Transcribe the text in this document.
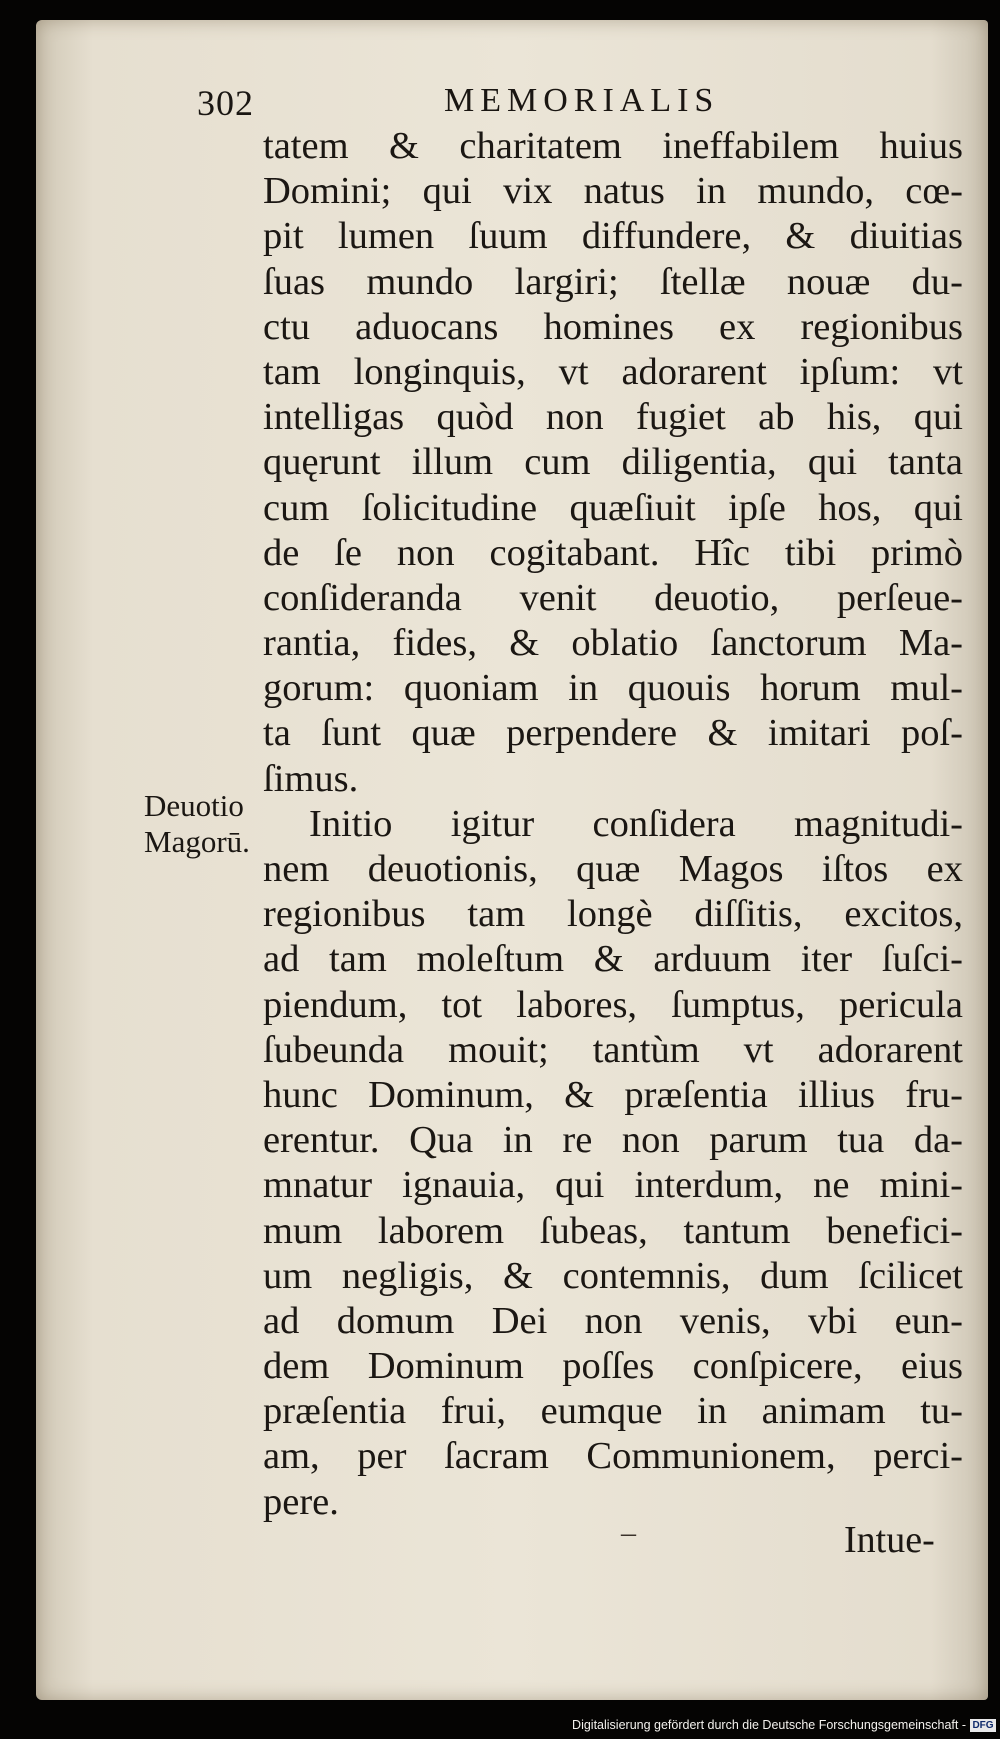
302	MEMORIALIS
Deuotio
Magorū.
tatem & charitatem ineffabilem huius
Domini; qui vix natus in mundo, cœ-
pit lumen ſuum diffundere, & diuitias
ſuas mundo largiri; ſtellæ nouæ du-
ctu aduocans homines ex regionibus
tam longinquis, vt adorarent ipſum: vt
intelligas quòd non fugiet ab his, qui
quęrunt illum cum diligentia, qui tanta
cum ſolicitudine quæſiuit ipſe hos, qui
de ſe non cogitabant. Hîc tibi primò
conſideranda venit deuotio, perſeue-
rantia, fides, & oblatio ſanctorum Ma-
gorum: quoniam in quouis horum mul-
ta ſunt quæ perpendere & imitari poſ-
ſimus.
Initio igitur conſidera magnitudi-
nem deuotionis, quæ Magos iſtos ex
regionibus tam longè diſſitis, excitos,
ad tam moleſtum & arduum iter ſuſci-
piendum, tot labores, ſumptus, pericula
ſubeunda mouit; tantùm vt adorarent
hunc Dominum, & præſentia illius fru-
erentur. Qua in re non parum tua da-
mnatur ignauia, qui interdum, ne mini-
mum laborem ſubeas, tantum benefici-
um negligis, & contemnis, dum ſcilicet
ad domum Dei non venis, vbi eun-
dem Dominum poſſes conſpicere, eius
præſentia frui, eumque in animam tu-
am, per ſacram Communionem, perci-
pere.
–	Intue-
Digitalisierung gefördert durch die Deutsche Forschungsgemeinschaft - DFG
